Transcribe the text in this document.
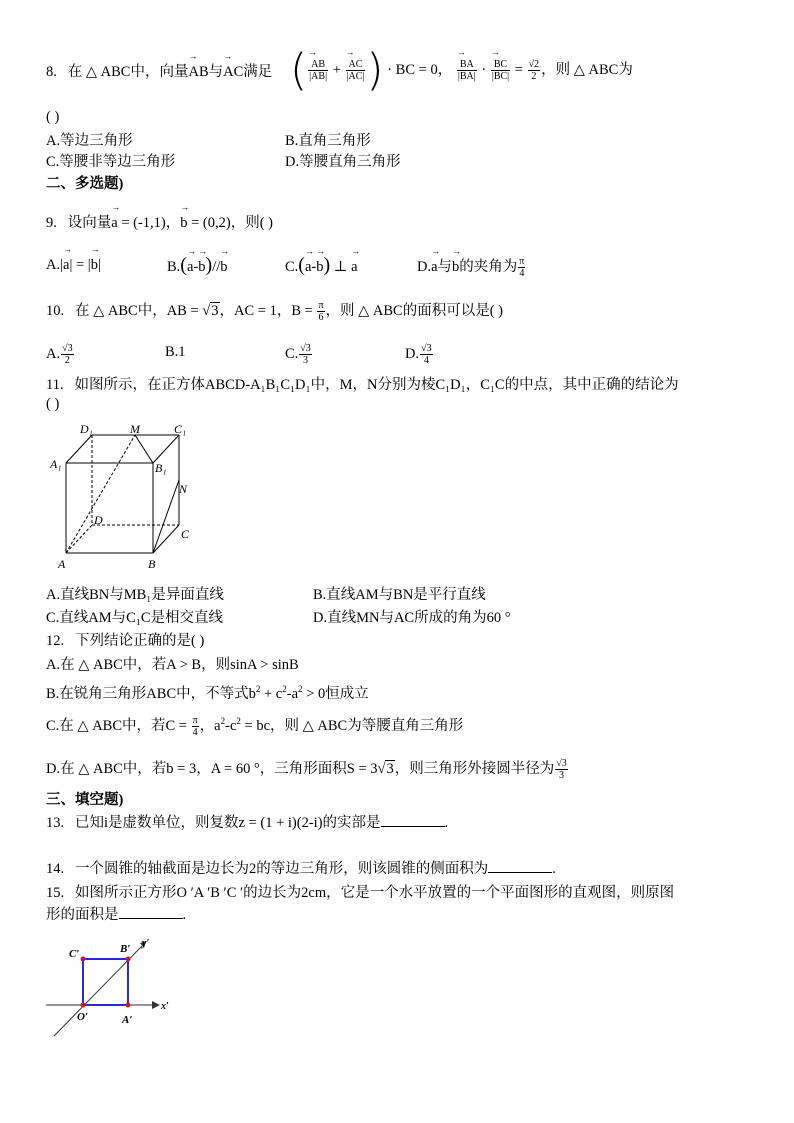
8. 在 △ ABC中，向量→ AB与→ AC满足 ( → $\frac{AB}{|AB|}$ + → $\frac{AC}{|AC|}$ ) · BC = 0， → $\frac{BA}{|BA|}$ · → $\frac{BC}{|BC|} = \frac{√2}{2}$ ，则 △ ABC为
( )
A.等边三角形	B.直角三角形
C.等腰非等边三角形	D.等腰直角三角形
二、多选题)
9. 设向量→ a = (-1,1)，→ b = (0,2)，则( )
A.|→ a| = |→ b|	B.(→ a-→ b)//→ b	C.(→ a-→ b) ⊥ → a	D.→ a与→ b的夹角为 $\frac{\pi}{4}$
10. 在 △ ABC中，AB = √3，AC = 1，$B = \frac{\pi}{6}$ ，则 △ ABC的面积可以是( )
A. $\frac{√3}{2}$	B.1	C. $\frac{√3}{3}$	D. $\frac{√3}{4}$
11. 如图所示，在正方体ABCD-A₁B₁C₁D₁中，M，N分别为棱C₁D₁，C₁C的中点，其中正确的结论为
( )
D₁	M	C₁
A₁	B₁
N
D
C
A	B
A.直线BN与MB₁是异面直线	B.直线AM与BN是平行直线
C.直线AM与C₁C是相交直线	D.直线MN与AC所成的角为60 °
12. 下列结论正确的是( )
A.在 △ ABC中，若A > B，则sinA > sinB
B.在锐角三角形ABC中，不等式$b^2 + c^2-a^2 > 0$恒成立
C.在 △ ABC中，若$C = \frac{\pi}{4}$ ，$a^2-c^2$ = bc，则 △ ABC为等腰直角三角形
D.在 △ ABC中，若b = 3，A = 60 °，三角形面积S = 3√3，则三角形外接圆半径为 $\frac{√3}{3}$
三、填空题)
13. 已知i是虚数单位，则复数z = (1 + i)(2-i)的实部是	.
14. 一个圆锥的轴截面是边长为2的等边三角形，则该圆锥的侧面积为	.
15. 如图所示正方形O ′A ′B ′C ′的边长为2cm，它是一个水平放置的一个平面图形的直观图，则原图
形的面积是	.
C′	B′ y′
O′	A′
x′
